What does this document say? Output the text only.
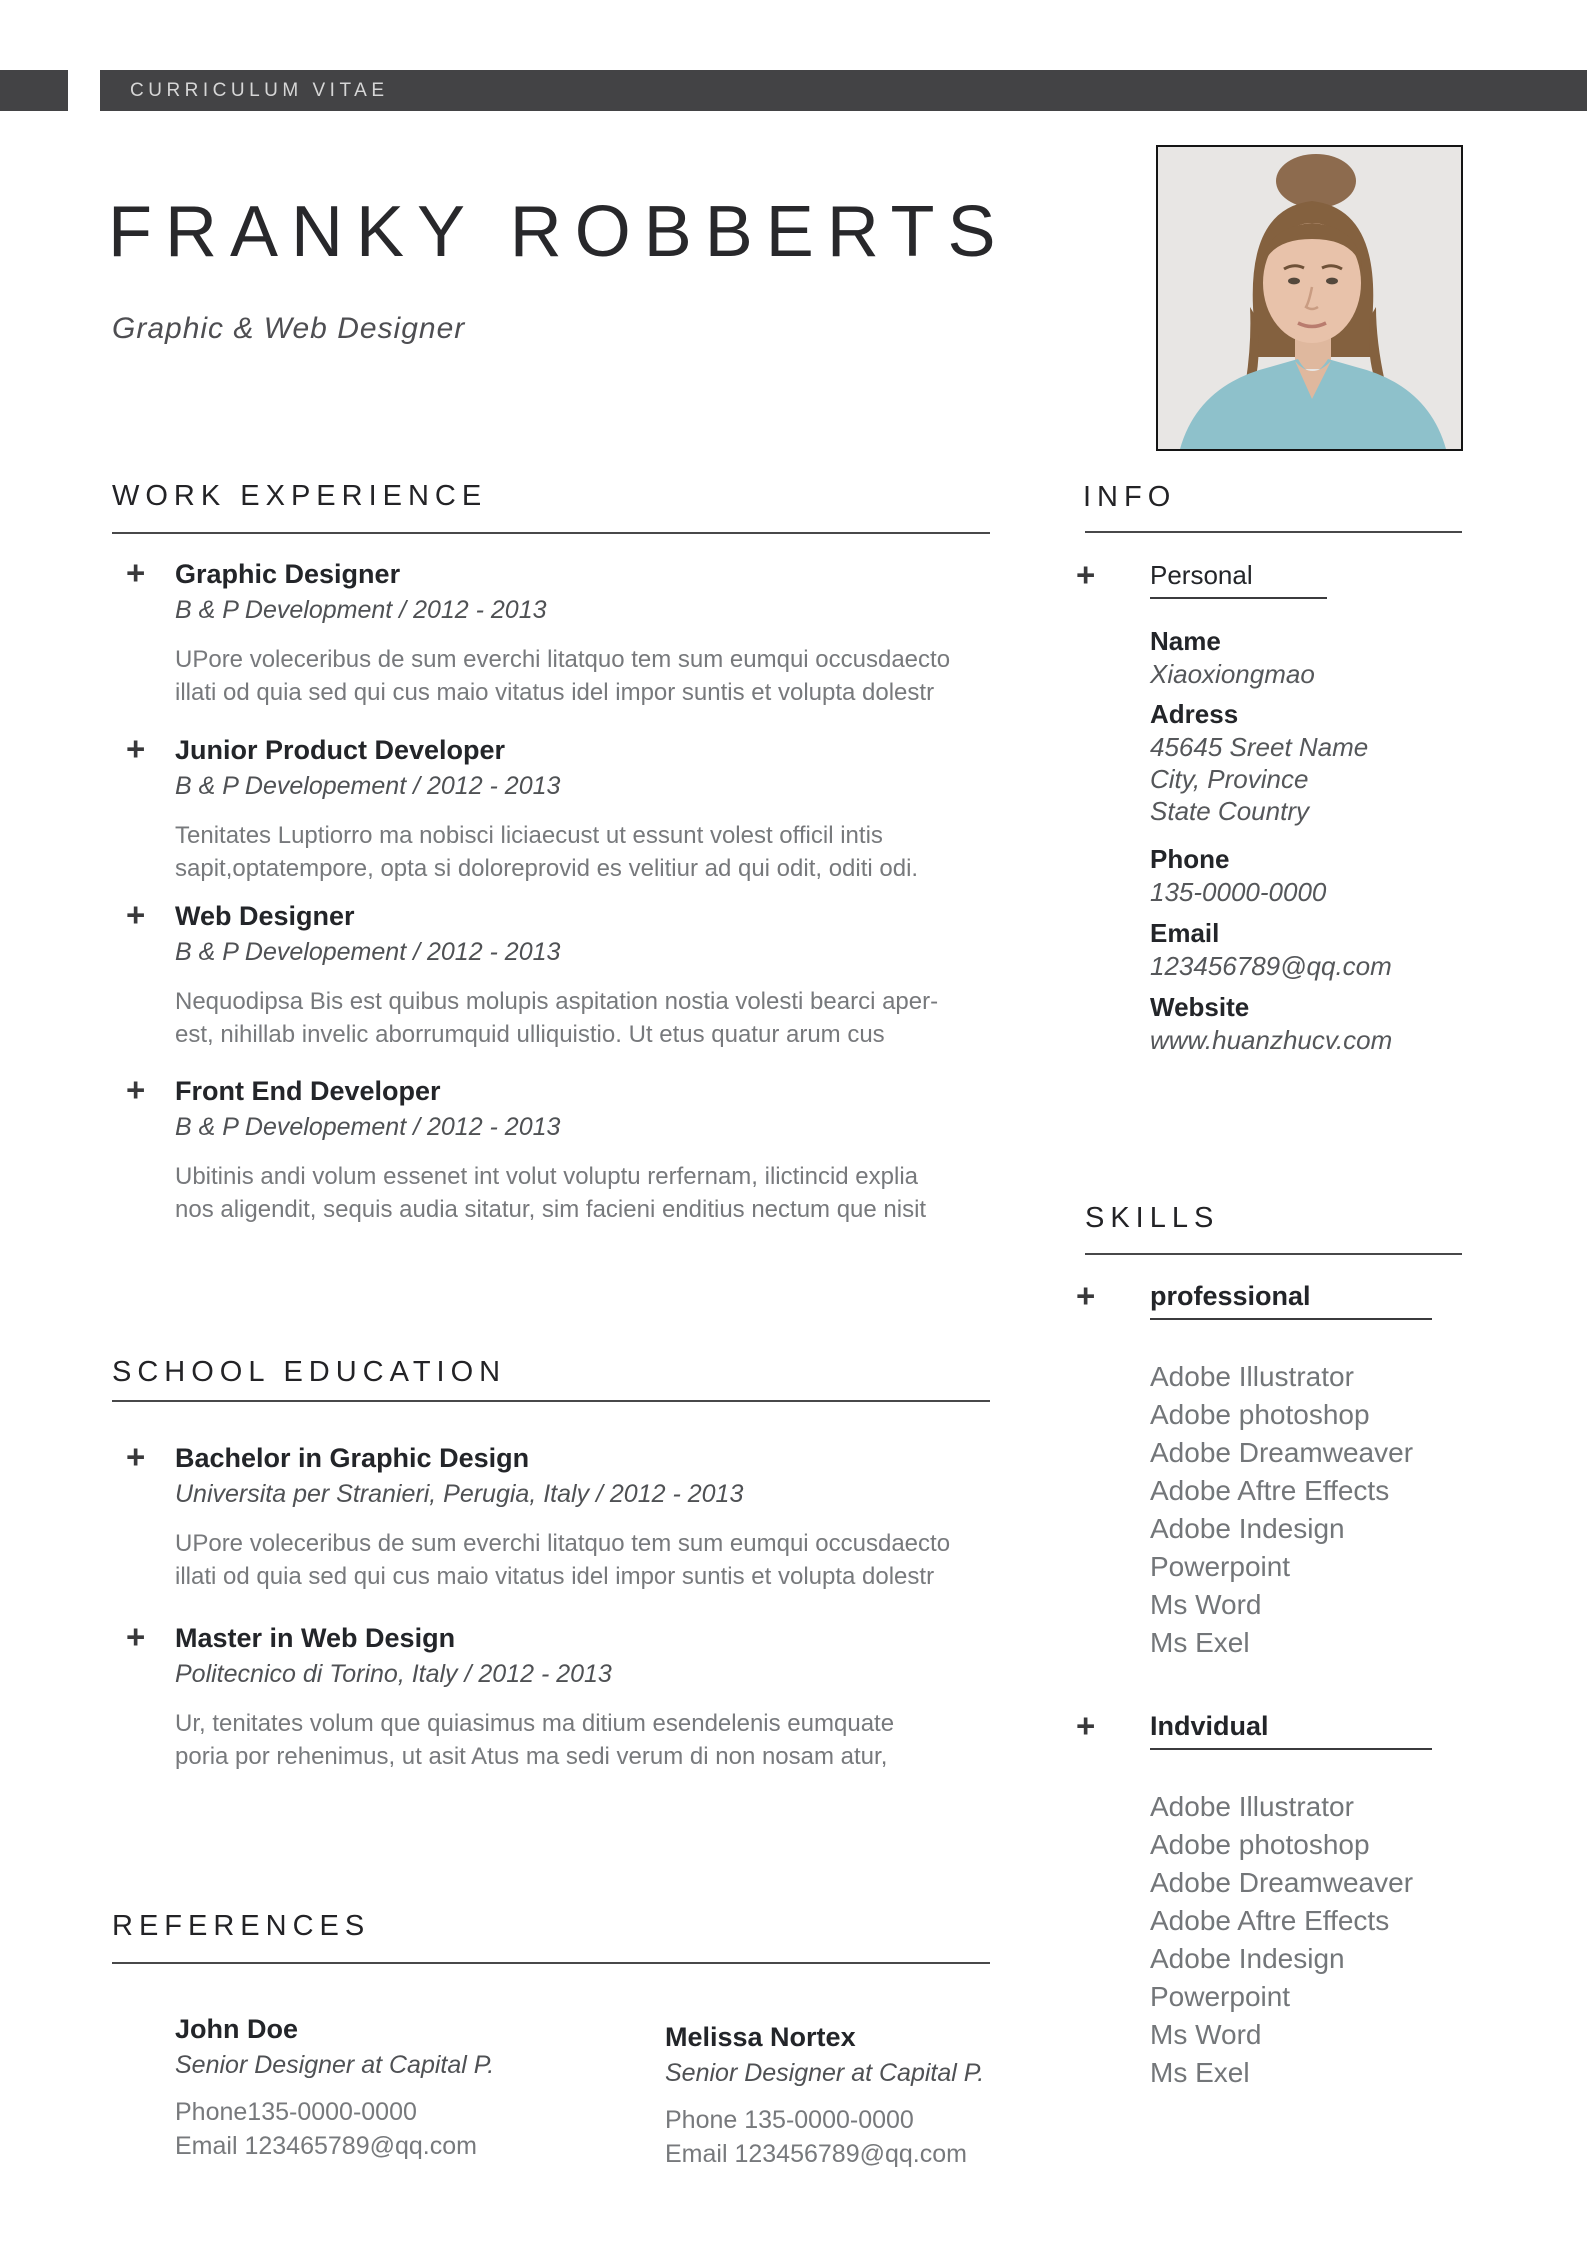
CURRICULUM VITAE
FRANKY ROBBERTS
Graphic & Web Designer
WORK EXPERIENCE
+ Graphic Designer
B & P Development / 2012 - 2013
UPore voleceribus de sum everchi litatquo tem sum eumqui occusdaecto
illati od quia sed qui cus maio vitatus idel impor suntis et volupta dolestr
+ Junior Product Developer
B & P Developement / 2012 - 2013
Tenitates Luptiorro ma nobisci liciaecust ut essunt volest officil intis
sapit,optatempore, opta si doloreprovid es velitiur ad qui odit, oditi odi.
+ Web Designer
B & P Developement / 2012 - 2013
Nequodipsa Bis est quibus molupis aspitation nostia volesti bearci aper-
est, nihillab invelic aborrumquid ulliquistio. Ut etus quatur arum cus
+ Front End Developer
B & P Developement / 2012 - 2013
Ubitinis andi volum essenet int volut voluptu rerfernam, ilictincid explia
nos aligendit, sequis audia sitatur, sim facieni enditius nectum que nisit
SCHOOL EDUCATION
+ Bachelor in Graphic Design
Universita per Stranieri, Perugia, Italy / 2012 - 2013
UPore voleceribus de sum everchi litatquo tem sum eumqui occusdaecto
illati od quia sed qui cus maio vitatus idel impor suntis et volupta dolestr
+ Master in Web Design
Politecnico di Torino, Italy / 2012 - 2013
Ur, tenitates volum que quiasimus ma ditium esendelenis eumquate
poria por rehenimus, ut asit Atus ma sedi verum di non nosam atur,
REFERENCES
John Doe
Senior Designer at Capital P.
Phone135-0000-0000
Email 123465789@qq.com
Melissa Nortex
Senior Designer at Capital P.
Phone 135-0000-0000
Email 123456789@qq.com
INFO
+ Personal
Name
Xiaoxiongmao
Adress
45645 Sreet Name
City, Province
State Country
Phone
135-0000-0000
Email
123456789@qq.com
Website
www.huanzhucv.com
SKILLS
+ professional
Adobe Illustrator
Adobe photoshop
Adobe Dreamweaver
Adobe Aftre Effects
Adobe Indesign
Powerpoint
Ms Word
Ms Exel
+ Indvidual
Adobe Illustrator
Adobe photoshop
Adobe Dreamweaver
Adobe Aftre Effects
Adobe Indesign
Powerpoint
Ms Word
Ms Exel
